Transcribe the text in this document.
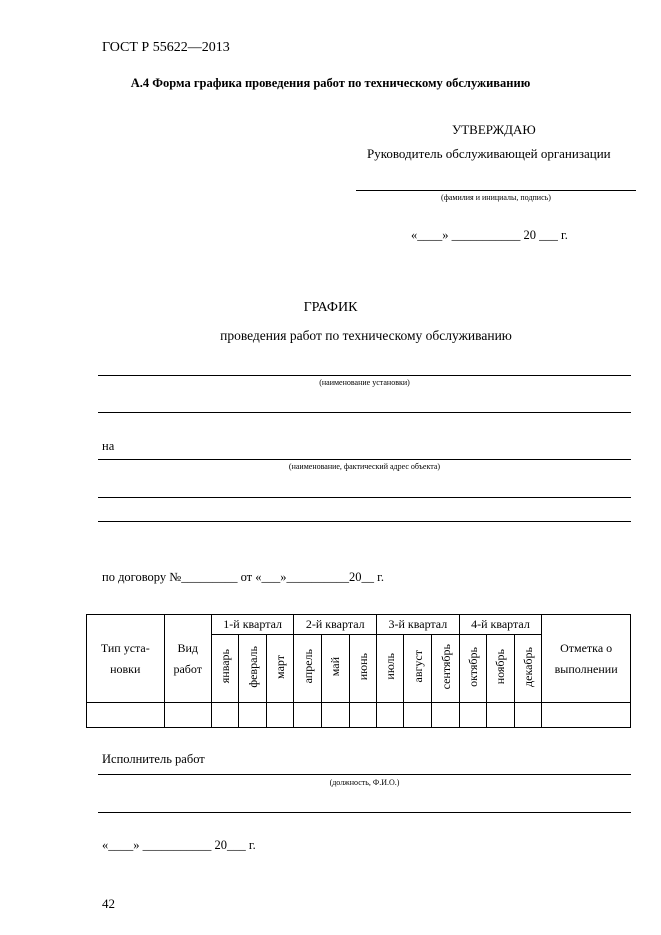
ГОСТ Р 55622—2013
А.4 Форма графика проведения работ по техническому обслуживанию
УТВЕРЖДАЮ
Руководитель обслуживающей организации
(фамилия и инициалы, подпись)
«____» ___________ 20 ___ г.
ГРАФИК
проведения работ по техническому обслуживанию
(наименование установки)
на
(наименование, фактический адрес объекта)
по договору №_________ от «___»__________20__ г.
Тип уста-новки	Вид работ	1-й квартал			2-й квартал			3-й квартал			4-й квартал			Отметка о выполнении
		январь	февраль	март	апрель	май	июнь	июль	август	сентябрь	октябрь	ноябрь	декабрь	

Исполнитель работ
(должность, Ф.И.О.)
«____» ___________ 20___ г.
42
